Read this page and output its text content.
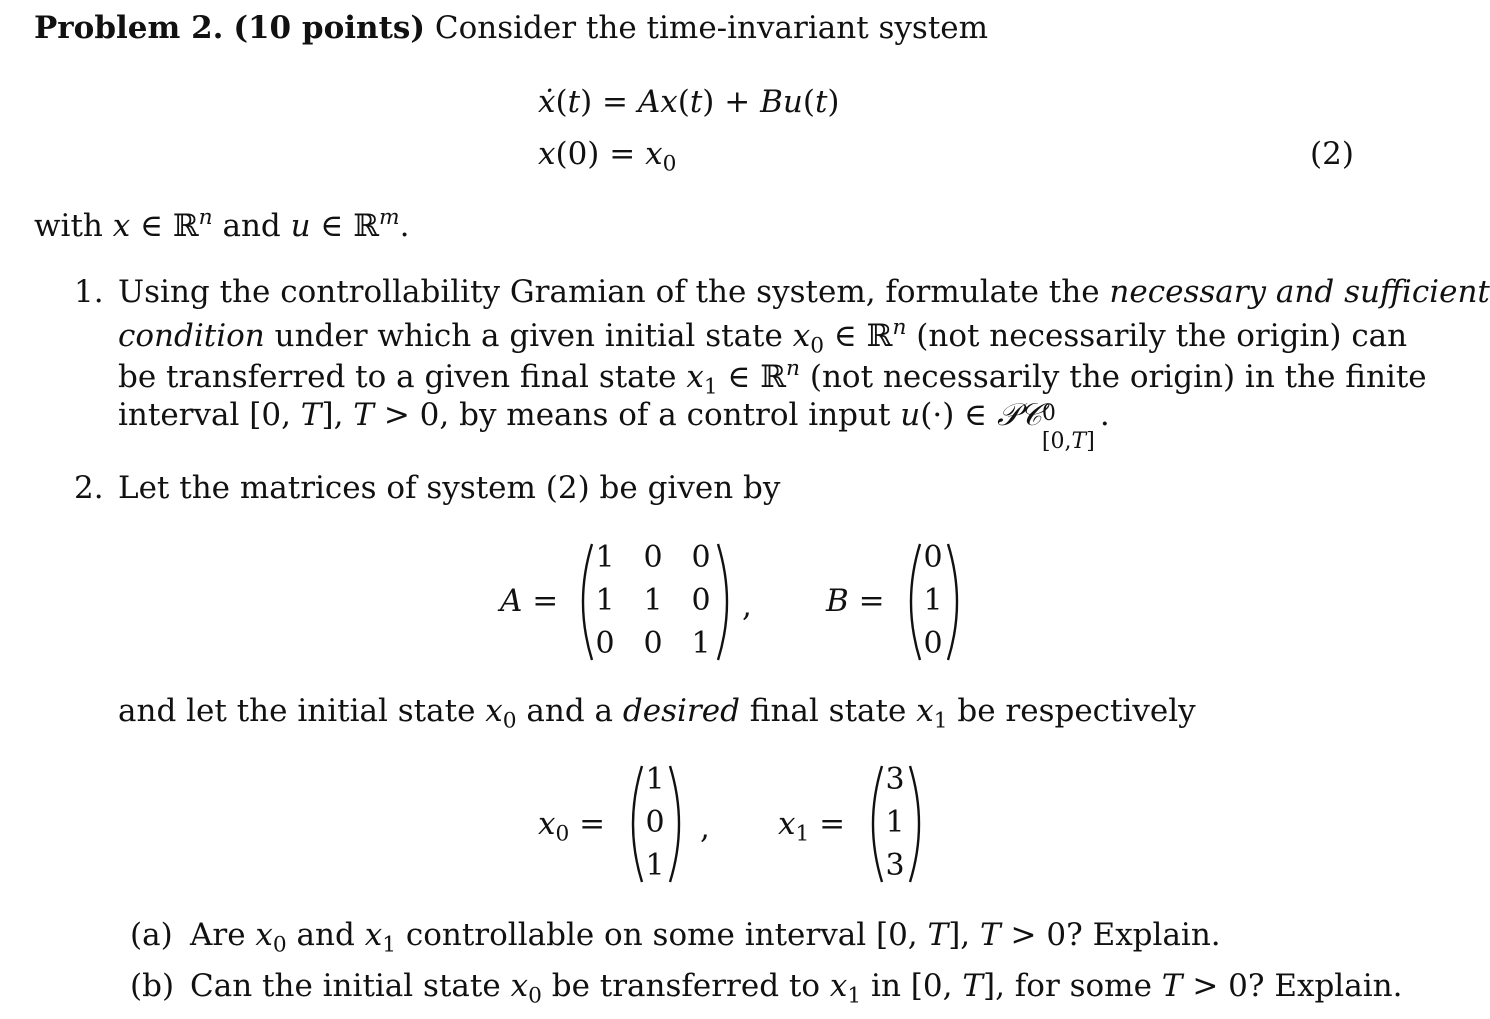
Problem 2. (10 points) Consider the time-invariant system
ẋ(t) = Ax(t) + Bu(t)
$x(0) = x_0$	(2)
with x ∈ ℝ$^n$ and u ∈ ℝ$^m$.
1. Using the controllability Gramian of the system, formulate the necessary and sufficient
condition under which a given initial state $x_0$ ∈ ℝ$^n$ (not necessarily the origin) can
be transferred to a given final state $x_1$ ∈ ℝ$^n$ (not necessarily the origin) in the finite
interval [0, T], T > 0, by means of a control input u(·) ∈ 𝒫𝒞 0
[0,T]
.
2. Let the matrices of system (2) be given by
A =
1 0 0
1 1 0
0 0 1
, B =
0
1
0
and let the initial state $x_0$ and a desired final state $x_1$ be respectively
$x_0$ =
1
0
1
, $x_1$ =
3
1
3
(a) Are $x_0$ and $x_1$ controllable on some interval [0, T], T > 0? Explain.
(b) Can the initial state $x_0$ be transferred to $x_1$ in [0, T], for some T > 0? Explain.
